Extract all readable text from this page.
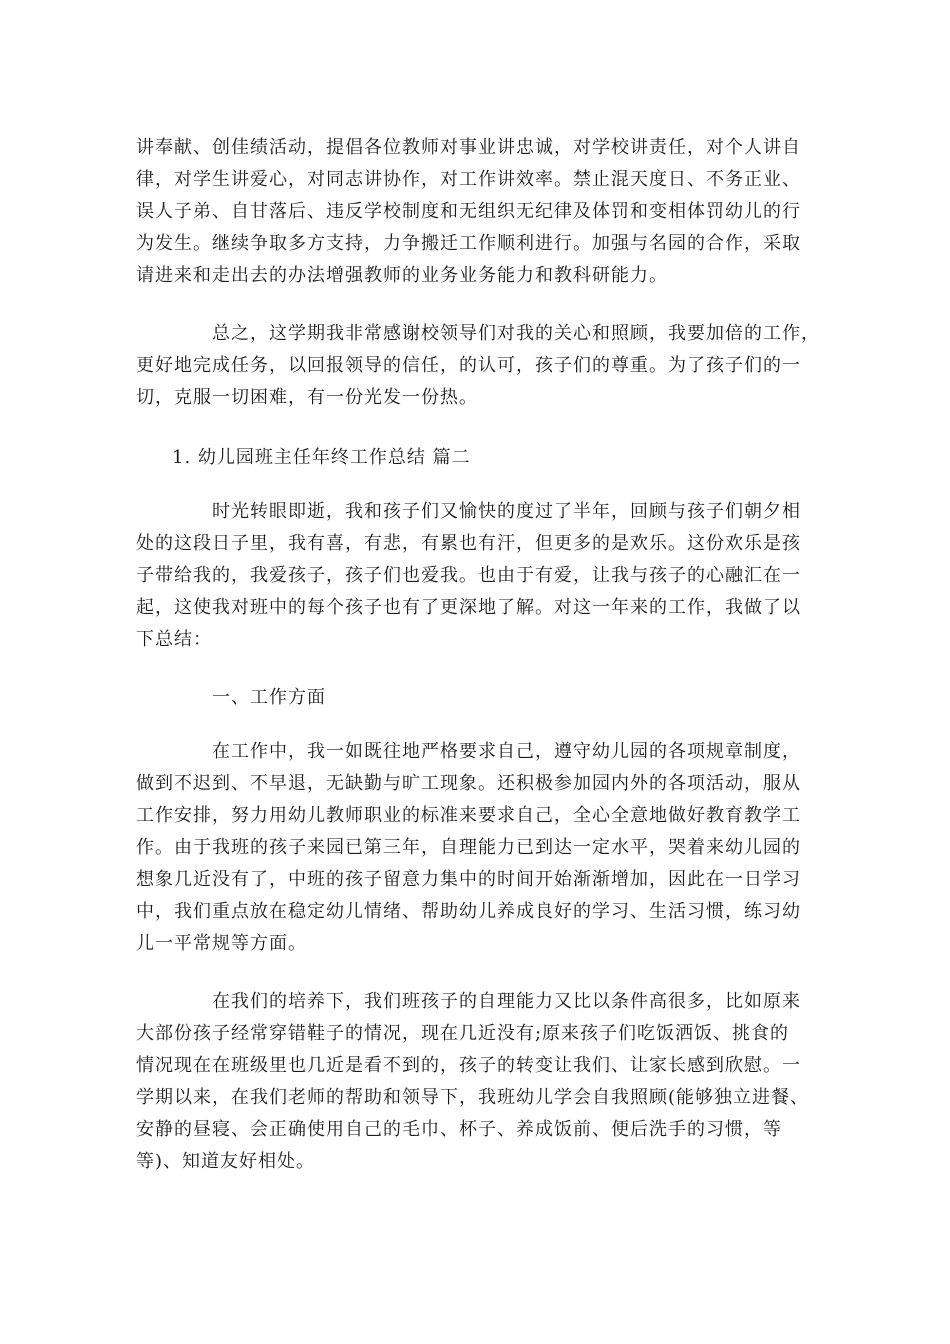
讲奉献、创佳绩活动，提倡各位教师对事业讲忠诚，对学校讲责任，对个人讲自
律，对学生讲爱心，对同志讲协作，对工作讲效率。禁止混天度日、不务正业、
误人子弟、自甘落后、违反学校制度和无组织无纪律及体罚和变相体罚幼儿的行
为发生。继续争取多方支持，力争搬迁工作顺利进行。加强与名园的合作，采取
请进来和走出去的办法增强教师的业务业务能力和教科研能力。
总之，这学期我非常感谢校领导们对我的关心和照顾，我要加倍的工作，
更好地完成任务，以回报领导的信任，的认可，孩子们的尊重。为了孩子们的一
切，克服一切困难，有一份光发一份热。

1. 幼儿园班主任年终工作总结 篇二

时光转眼即逝，我和孩子们又愉快的度过了半年，回顾与孩子们朝夕相
处的这段日子里，我有喜，有悲，有累也有汗，但更多的是欢乐。这份欢乐是孩
子带给我的，我爱孩子，孩子们也爱我。也由于有爱，让我与孩子的心融汇在一
起，这使我对班中的每个孩子也有了更深地了解。对这一年来的工作，我做了以
下总结：

一、工作方面

在工作中，我一如既往地严格要求自己，遵守幼儿园的各项规章制度，
做到不迟到、不早退，无缺勤与旷工现象。还积极参加园内外的各项活动，服从
工作安排，努力用幼儿教师职业的标准来要求自己，全心全意地做好教育教学工
作。由于我班的孩子来园已第三年，自理能力已到达一定水平，哭着来幼儿园的
想象几近没有了，中班的孩子留意力集中的时间开始渐渐增加，因此在一日学习
中，我们重点放在稳定幼儿情绪、帮助幼儿养成良好的学习、生活习惯，练习幼
儿一平常规等方面。
在我们的培养下，我们班孩子的自理能力又比以条件高很多，比如原来
大部份孩子经常穿错鞋子的情况，现在几近没有;原来孩子们吃饭洒饭、挑食的
情况现在在班级里也几近是看不到的，孩子的转变让我们、让家长感到欣慰。一
学期以来，在我们老师的帮助和领导下，我班幼儿学会自我照顾(能够独立进餐、
安静的昼寝、会正确使用自己的毛巾、杯子、养成饭前、便后洗手的习惯，等
等)、知道友好相处。
